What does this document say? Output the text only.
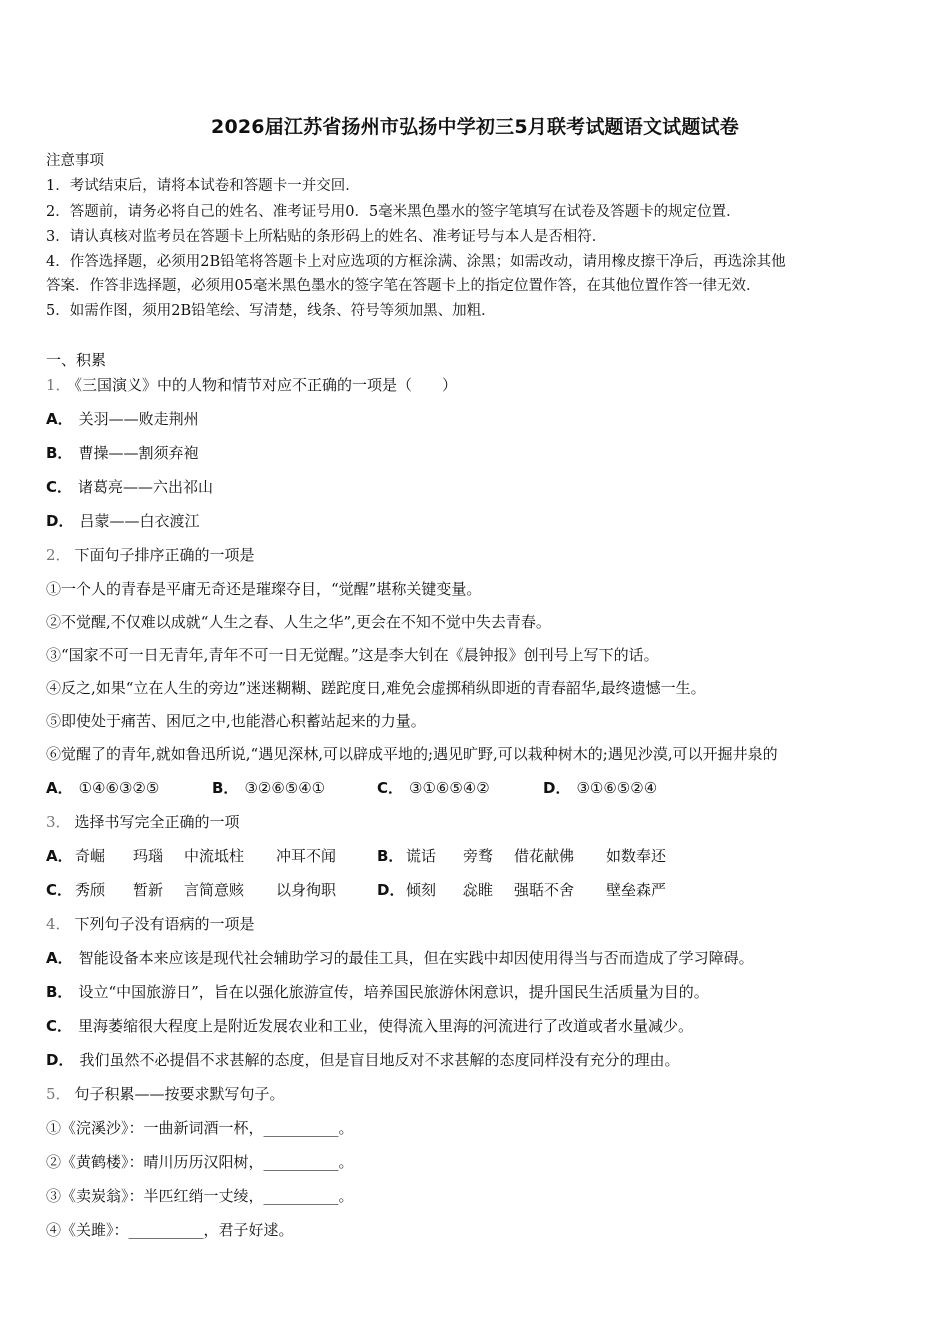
2026届江苏省扬州市弘扬中学初三5月联考试题语文试题试卷
注意事项
1．考试结束后，请将本试卷和答题卡一并交回．
2．答题前，请务必将自己的姓名、准考证号用0．5毫米黑色墨水的签字笔填写在试卷及答题卡的规定位置．
3．请认真核对监考员在答题卡上所粘贴的条形码上的姓名、准考证号与本人是否相符．
4．作答选择题，必须用2B铅笔将答题卡上对应选项的方框涂满、涂黑；如需改动，请用橡皮擦干净后，再选涂其他
答案．作答非选择题，必须用05毫米黑色墨水的签字笔在答题卡上的指定位置作答，在其他位置作答一律无效．
5．如需作图，须用2B铅笔绘、写清楚，线条、符号等须加黑、加粗．
一、积累
1． 《三国演义》中的人物和情节对应不正确的一项是（　　）
A． 关羽——败走荆州
B． 曹操——割须弃袍
C． 诸葛亮——六出祁山
D． 吕蒙——白衣渡江
2． 下面句子排序正确的一项是
①一个人的青春是平庸无奇还是璀璨夺目，“觉醒”堪称关键变量。
②不觉醒,不仅难以成就“人生之春、人生之华”,更会在不知不觉中失去青春。
③“国家不可一日无青年,青年不可一日无觉醒。”这是李大钊在《晨钟报》创刊号上写下的话。
④反之,如果“立在人生的旁边”迷迷糊糊、蹉跎度日,难免会虚掷稍纵即逝的青春韶华,最终遗憾一生。
⑤即使处于痛苦、困厄之中,也能潜心积蓄站起来的力量。
⑥觉醒了的青年,就如鲁迅所说,“遇见深林,可以辟成平地的;遇见旷野,可以栽种树木的;遇见沙漠,可以开掘井泉的
A． ①④⑥③②⑤	B． ③②⑥⑤④①	C． ③①⑥⑤④②	D． ③①⑥⑤②④
3． 选择书写完全正确的一项
A． 奇崛 玛瑙 中流坻柱 冲耳不闻	B． 谎话 旁骛 借花献佛 如数奉还
C． 秀颀 暂新 言简意赅 以身徇职	D． 倾刻 惢睢 强聒不舍 壁垒森严
4． 下列句子没有语病的一项是
A． 智能设备本来应该是现代社会辅助学习的最佳工具，但在实践中却因使用得当与否而造成了学习障碍。
B． 设立“中国旅游日”，旨在以强化旅游宣传，培养国民旅游休闲意识，提升国民生活质量为目的。
C． 里海萎缩很大程度上是附近发展农业和工业，使得流入里海的河流进行了改道或者水量减少。
D． 我们虽然不必提倡不求甚解的态度，但是盲目地反对不求甚解的态度同样没有充分的理由。
5． 句子积累——按要求默写句子。
①《浣溪沙》：一曲新词酒一杯，__________。
②《黄鹤楼》：晴川历历汉阳树，__________。
③《卖炭翁》：半匹红绡一丈绫，__________。
④《关雎》：__________，君子好逑。
